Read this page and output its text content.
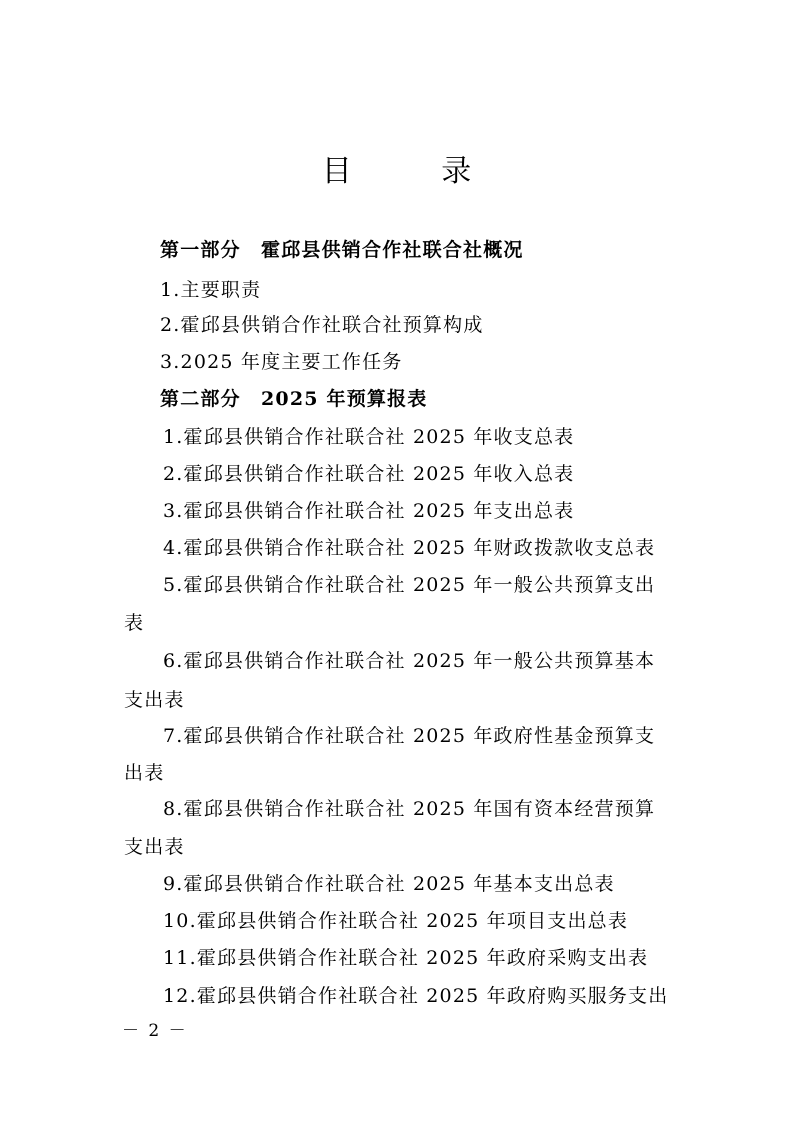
目 录
第一部分　霍邱县供销合作社联合社概况
1.主要职责
2.霍邱县供销合作社联合社预算构成
3.2025 年度主要工作任务
第二部分　2025 年预算报表
1.霍邱县供销合作社联合社 2025 年收支总表
2.霍邱县供销合作社联合社 2025 年收入总表
3.霍邱县供销合作社联合社 2025 年支出总表
4.霍邱县供销合作社联合社 2025 年财政拨款收支总表
5.霍邱县供销合作社联合社 2025 年一般公共预算支出
表
6.霍邱县供销合作社联合社 2025 年一般公共预算基本
支出表
7.霍邱县供销合作社联合社 2025 年政府性基金预算支
出表
8.霍邱县供销合作社联合社 2025 年国有资本经营预算
支出表
9.霍邱县供销合作社联合社 2025 年基本支出总表
10.霍邱县供销合作社联合社 2025 年项目支出总表
11.霍邱县供销合作社联合社 2025 年政府采购支出表
12.霍邱县供销合作社联合社 2025 年政府购买服务支出
－ 2 －
